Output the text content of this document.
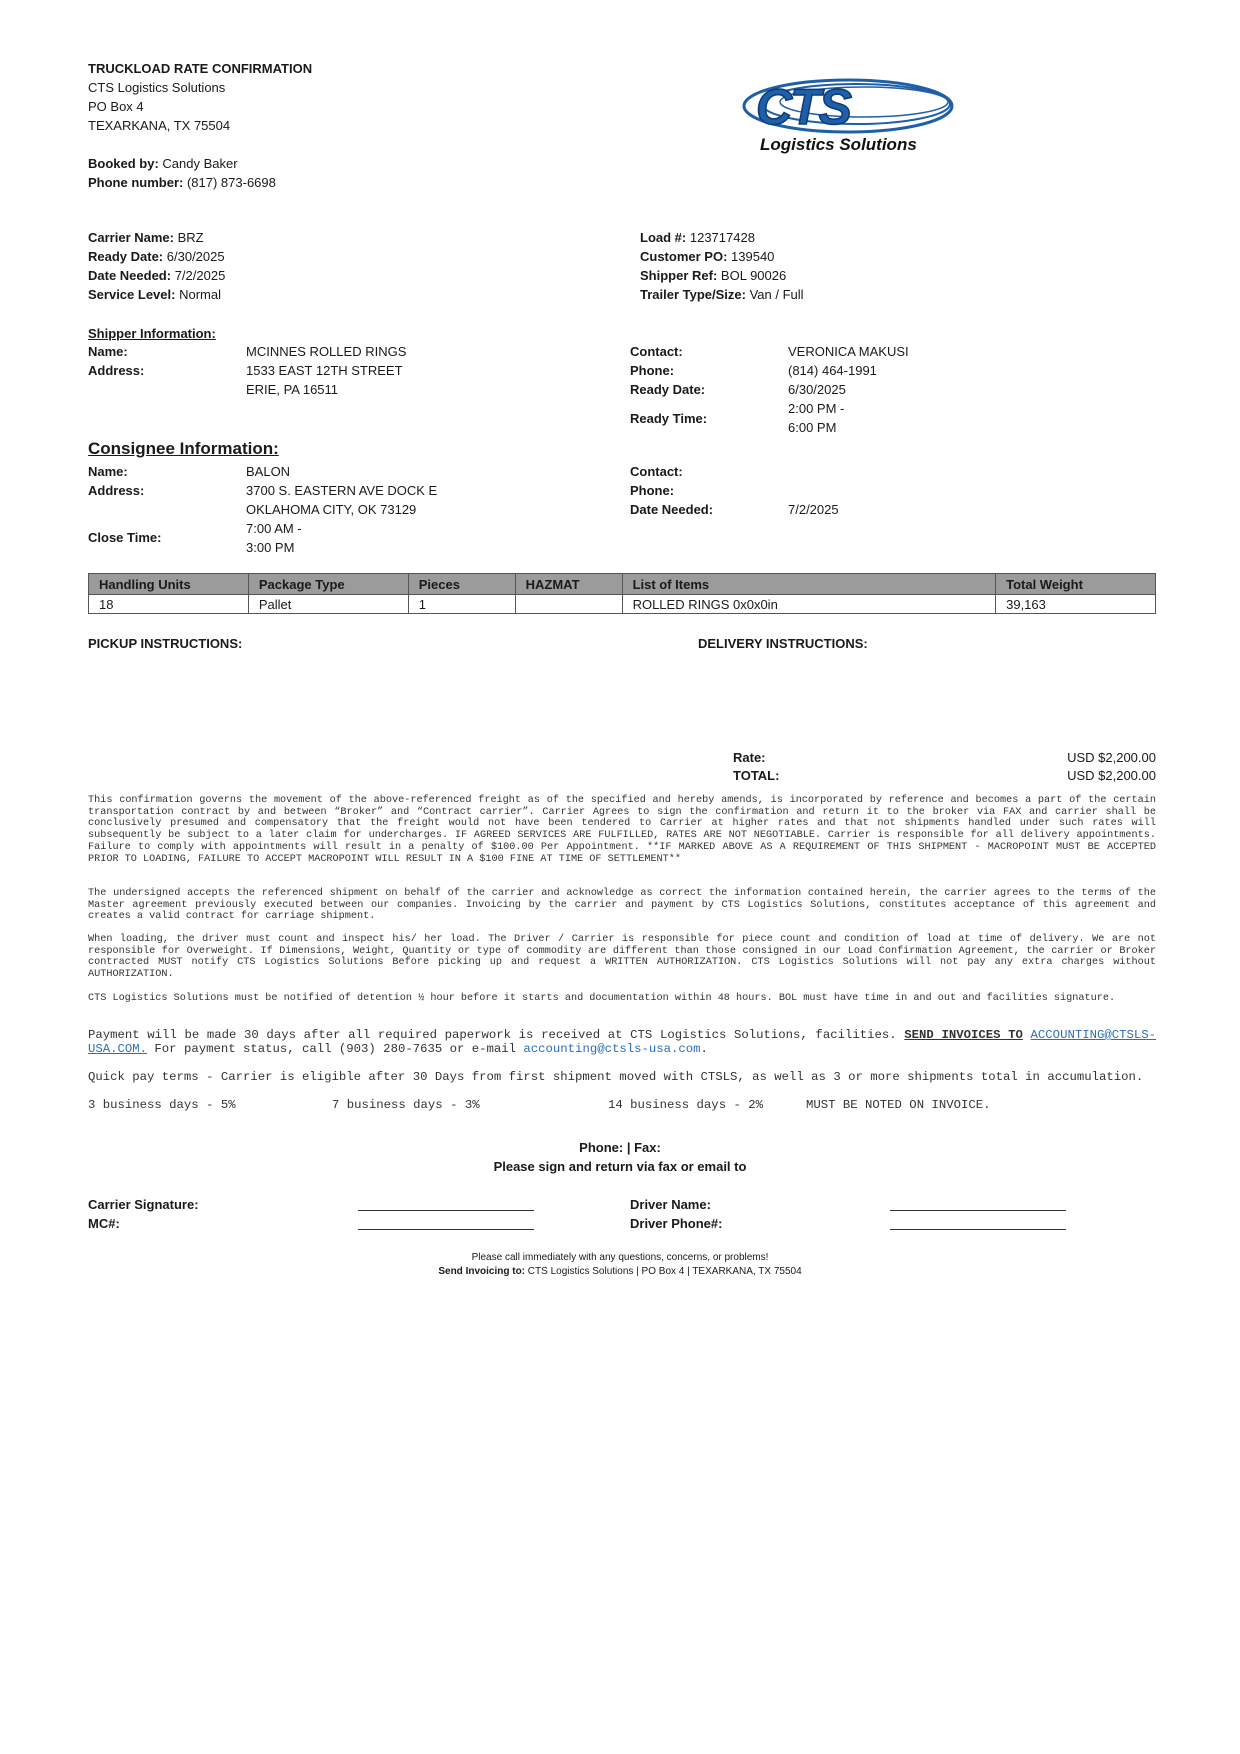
TRUCKLOAD RATE CONFIRMATION
CTS Logistics Solutions
PO Box 4
TEXARKANA, TX 75504
Booked by: Candy Baker
Phone number: (817) 873-6698
CTS
Logistics Solutions
Carrier Name: BRZ
Ready Date: 6/30/2025
Date Needed: 7/2/2025
Service Level: Normal
Load #: 123717428
Customer PO: 139540
Shipper Ref: BOL 90026
Trailer Type/Size: Van / Full
Shipper Information:
Name:	MCINNES ROLLED RINGS
Address:	1533 EAST 12TH STREET
ERIE, PA 16511
Contact:	VERONICA MAKUSI
Phone:	(814) 464-1991
Ready Date:	6/30/2025
Ready Time:
2:00 PM -
6:00 PM
Consignee Information:
Name:	BALON
Address:	3700 S. EASTERN AVE DOCK E
OKLAHOMA CITY, OK 73129
Close Time:
7:00 AM -
3:00 PM
Contact:
Phone:
Date Needed:	7/2/2025
Handling Units	Package Type	Pieces	HAZMAT	List of Items	Total Weight
18	Pallet	1		ROLLED RINGS 0x0x0in	39,163
PICKUP INSTRUCTIONS:	DELIVERY INSTRUCTIONS:
Rate:	USD $2,200.00
TOTAL:	USD $2,200.00
This confirmation governs the movement of the above-referenced freight as of the specified and hereby amends, is incorporated by reference and becomes a part of the certain transportation contract by and between “Broker” and “Contract carrier”. Carrier Agrees to sign the confirmation and return it to the broker via FAX and carrier shall be conclusively presumed and compensatory that the freight would not have been tendered to Carrier at higher rates and that not shipments handled under such rates will subsequently be subject to a later claim for undercharges. IF AGREED SERVICES ARE FULFILLED, RATES ARE NOT NEGOTIABLE. Carrier is responsible for all delivery appointments. Failure to comply with appointments will result in a penalty of $100.00 Per Appointment. **IF MARKED ABOVE AS A REQUIREMENT OF THIS SHIPMENT - MACROPOINT MUST BE ACCEPTED PRIOR TO LOADING, FAILURE TO ACCEPT MACROPOINT WILL RESULT IN A $100 FINE AT TIME OF SETTLEMENT**
The undersigned accepts the referenced shipment on behalf of the carrier and acknowledge as correct the information contained herein, the carrier agrees to the terms of the Master agreement previously executed between our companies. Invoicing by the carrier and payment by CTS Logistics Solutions, constitutes acceptance of this agreement and creates a valid contract for carriage shipment.
When loading, the driver must count and inspect his/ her load. The Driver / Carrier is responsible for piece count and condition of load at time of delivery. We are not responsible for Overweight. If Dimensions, Weight, Quantity or type of commodity are different than those consigned in our Load Confirmation Agreement, the carrier or Broker contracted MUST notify CTS Logistics Solutions Before picking up and request a WRITTEN AUTHORIZATION. CTS Logistics Solutions will not pay any extra charges without AUTHORIZATION.
CTS Logistics Solutions must be notified of detention ½ hour before it starts and documentation within 48 hours. BOL must have time in and out and facilities signature.
Payment will be made 30 days after all required paperwork is received at CTS Logistics Solutions, facilities. SEND INVOICES TO ACCOUNTING@CTSLS-USA.COM. For payment status, call (903) 280-7635 or e-mail accounting@ctsls-usa.com.
Quick pay terms - Carrier is eligible after 30 Days from first shipment moved with CTSLS, as well as 3 or more shipments total in accumulation.

3 business days - 5%

	7 business days - 3%

	14 business days - 2%

	MUST BE NOTED ON INVOICE.

Phone: | Fax:
Please sign and return via fax or email to
Carrier Signature:
MC#:
Driver Name:
Driver Phone#:
Please call immediately with any questions, concerns, or problems!
Send Invoicing to: CTS Logistics Solutions | PO Box 4 | TEXARKANA, TX 75504
